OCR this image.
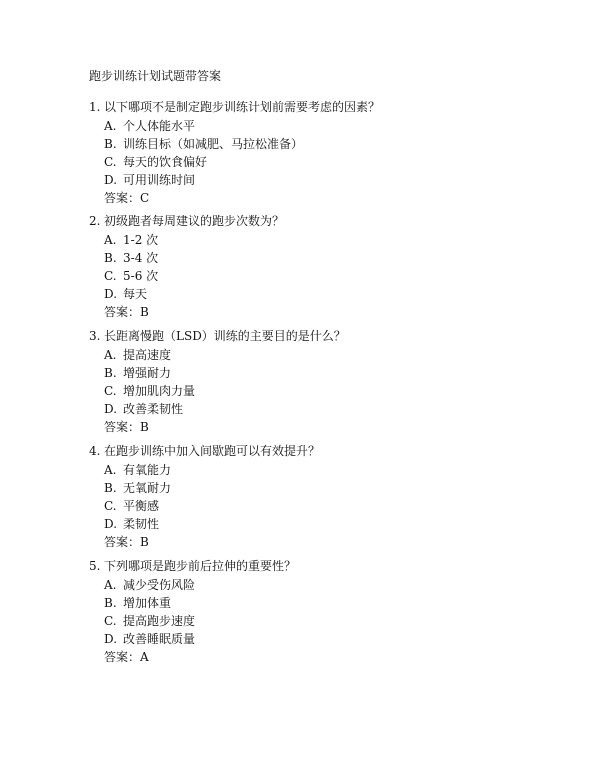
跑步训练计划试题带答案
1. 以下哪项不是制定跑步训练计划前需要考虑的因素？
A. 个人体能水平
B. 训练目标（如减肥、马拉松准备）
C. 每天的饮食偏好
D. 可用训练时间
答案：C
2. 初级跑者每周建议的跑步次数为？
A. 1-2 次
B. 3-4 次
C. 5-6 次
D. 每天
答案：B
3. 长距离慢跑（LSD）训练的主要目的是什么？
A. 提高速度
B. 增强耐力
C. 增加肌肉力量
D. 改善柔韧性
答案：B
4. 在跑步训练中加入间歇跑可以有效提升？
A. 有氧能力
B. 无氧耐力
C. 平衡感
D. 柔韧性
答案：B
5. 下列哪项是跑步前后拉伸的重要性？
A. 减少受伤风险
B. 增加体重
C. 提高跑步速度
D. 改善睡眠质量
答案：A
